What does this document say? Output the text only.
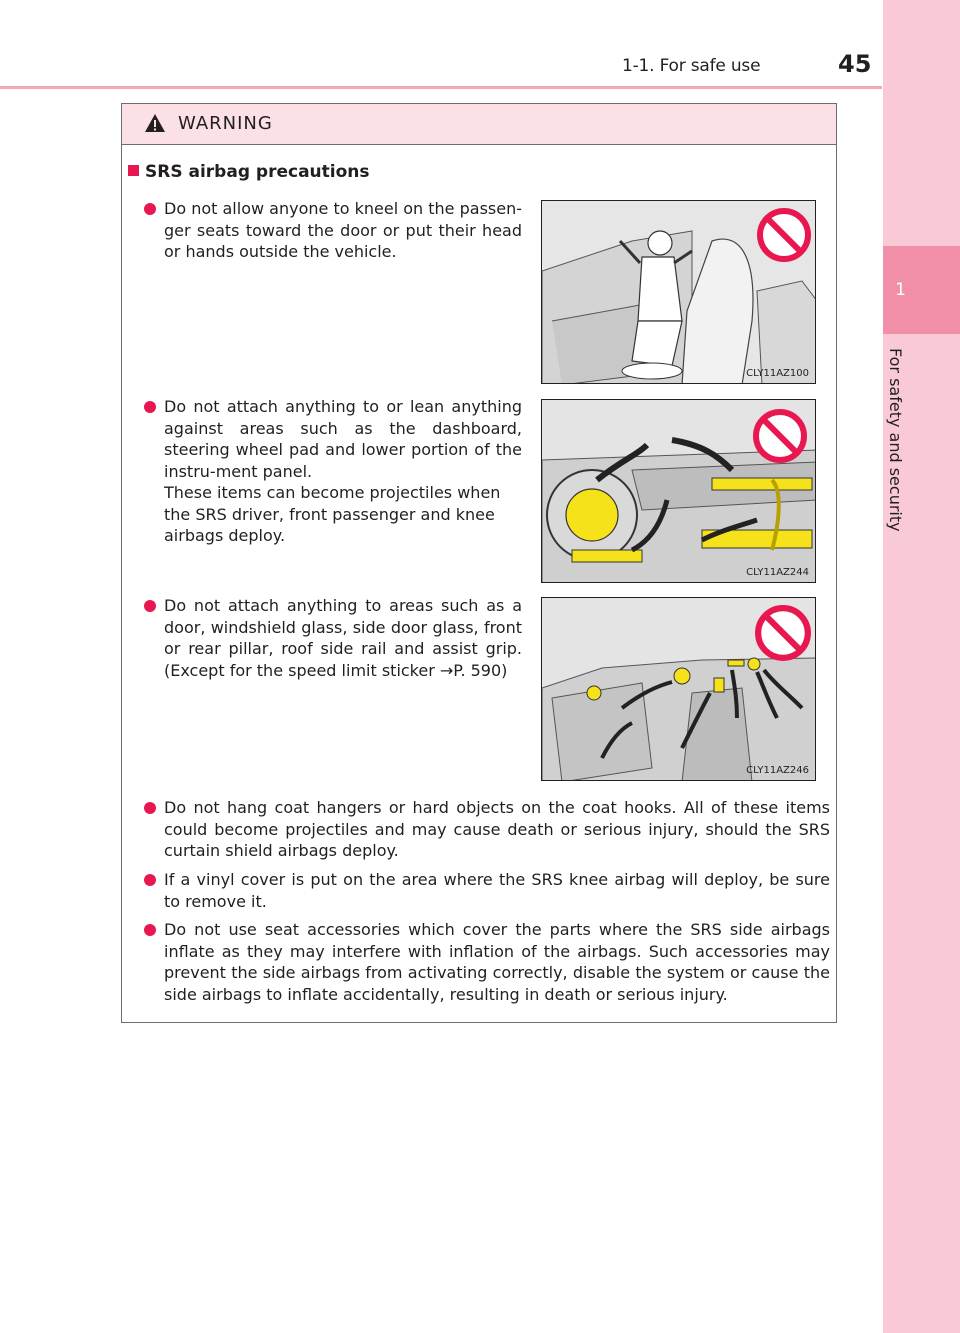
1-1. For safe use	45
1
For safety and security
WARNING
SRS airbag precautions

Do not allow anyone to kneel on the passen-ger seats toward the door or put their head or hands outside the vehicle.

Do not attach anything to or lean anything against areas such as the dashboard, steering wheel pad and lower portion of the instru-ment panel.

These items can become projectiles when the SRS driver, front passenger and knee airbags deploy.

Do not attach anything to areas such as a door, windshield glass, side door glass, front or rear pillar, roof side rail and assist grip. (Except for the speed limit sticker →P. 590)

Do not hang coat hangers or hard objects on the coat hooks. All of these items could become projectiles and may cause death or serious injury, should the SRS curtain shield airbags deploy.

If a vinyl cover is put on the area where the SRS knee airbag will deploy, be sure to remove it.

Do not use seat accessories which cover the parts where the SRS side airbags inflate as they may interfere with inflation of the airbags. Such accessories may prevent the side airbags from activating correctly, disable the system or cause the side airbags to inflate accidentally, resulting in death or serious injury.

CLY11AZ100
CLY11AZ244
CLY11AZ246
